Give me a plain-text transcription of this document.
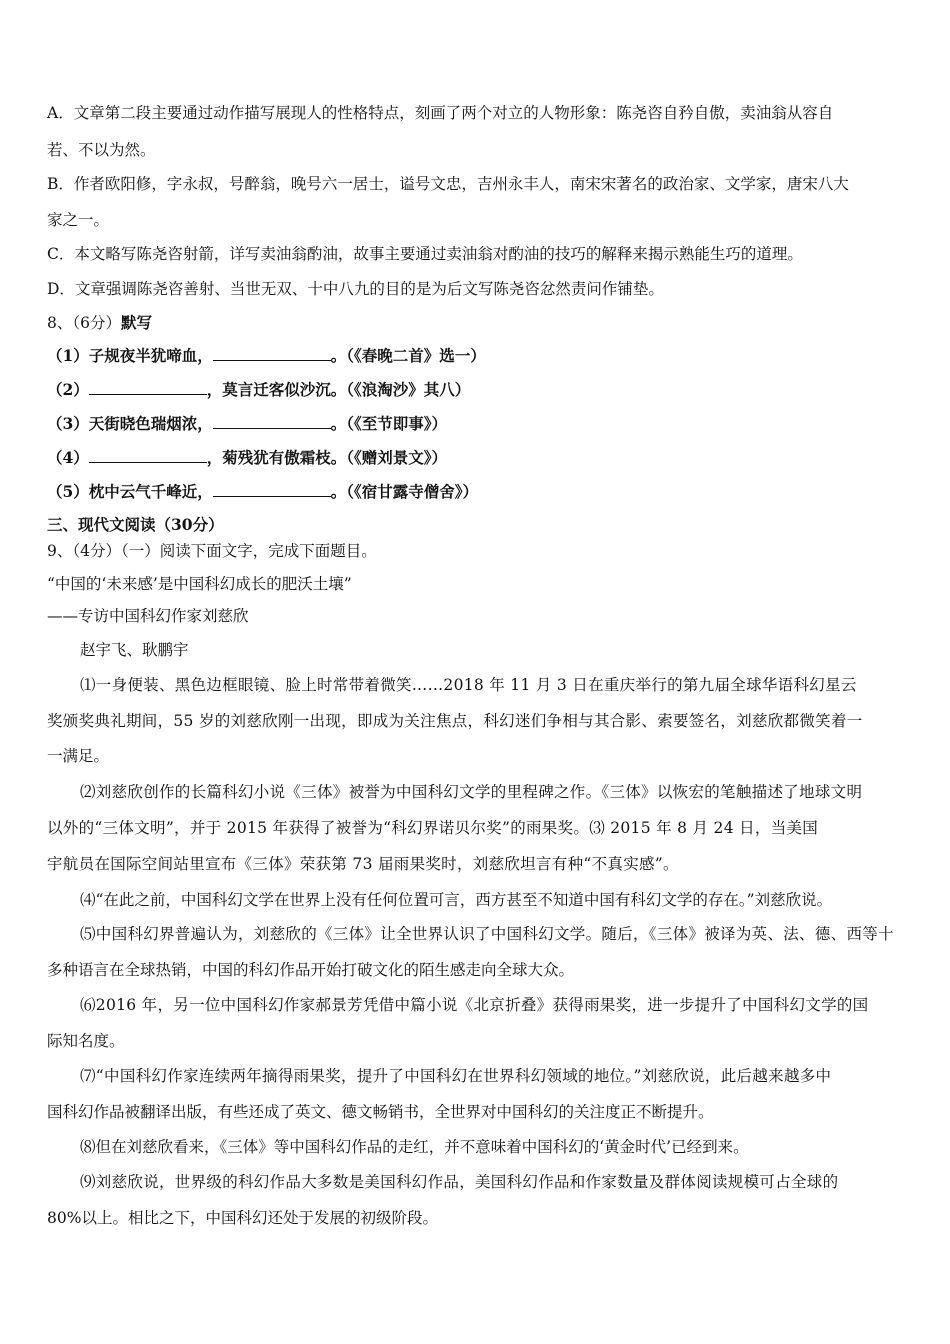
A．文章第二段主要通过动作描写展现人的性格特点，刻画了两个对立的人物形象：陈尧咨自矜自傲，卖油翁从容自
若、不以为然。
B．作者欧阳修，字永叔，号醉翁，晚号六一居士，谥号文忠，吉州永丰人，南宋宋著名的政治家、文学家，唐宋八大
家之一。
C．本文略写陈尧咨射箭，详写卖油翁酌油，故事主要通过卖油翁对酌油的技巧的解释来揭示熟能生巧的道理。
D．文章强调陈尧咨善射、当世无双、十中八九的目的是为后文写陈尧咨忿然责问作铺垫。
8、（6分）默写
（1）子规夜半犹啼血，	。（《春晚二首》选一）
（2）	，莫言迁客似沙沉。（《浪淘沙》其八）
（3）天街晓色瑞烟浓，	。（《至节即事》）
（4）	，菊残犹有傲霜枝。（《赠刘景文》）
（5）枕中云气千峰近，	。（《宿甘露寺僧舍》）
三、现代文阅读（30分）
9、（4分）（一）阅读下面文字，完成下面题目。
“中国的‘未来感’是中国科幻成长的肥沃土壤”
——专访中国科幻作家刘慈欣
赵宇飞、耿鹏宇
⑴一身便装、黑色边框眼镜、脸上时常带着微笑……2018 年 11 月 3 日在重庆举行的第九届全球华语科幻星云
奖颁奖典礼期间，55 岁的刘慈欣刚一出现，即成为关注焦点，科幻迷们争相与其合影、索要签名，刘慈欣都微笑着一
一满足。
⑵刘慈欣创作的长篇科幻小说《三体》被誉为中国科幻文学的里程碑之作。《三体》以恢宏的笔触描述了地球文明
以外的“三体文明”，并于 2015 年获得了被誉为“科幻界诺贝尔奖”的雨果奖。⑶ 2015 年 8 月 24 日，当美国
宇航员在国际空间站里宣布《三体》荣获第 73 届雨果奖时，刘慈欣坦言有种“不真实感”。
⑷“在此之前，中国科幻文学在世界上没有任何位置可言，西方甚至不知道中国有科幻文学的存在。”刘慈欣说。
⑸中国科幻界普遍认为，刘慈欣的《三体》让全世界认识了中国科幻文学。随后，《三体》被译为英、法、德、西等十
多种语言在全球热销，中国的科幻作品开始打破文化的陌生感走向全球大众。
⑹2016 年，另一位中国科幻作家郝景芳凭借中篇小说《北京折叠》获得雨果奖，进一步提升了中国科幻文学的国
际知名度。
⑺“中国科幻作家连续两年摘得雨果奖，提升了中国科幻在世界科幻领域的地位。”刘慈欣说，此后越来越多中
国科幻作品被翻译出版，有些还成了英文、德文畅销书，全世界对中国科幻的关注度正不断提升。
⑻但在刘慈欣看来，《三体》等中国科幻作品的走红，并不意味着中国科幻的‘黄金时代’已经到来。
⑼刘慈欣说，世界级的科幻作品大多数是美国科幻作品，美国科幻作品和作家数量及群体阅读规模可占全球的
80%以上。相比之下，中国科幻还处于发展的初级阶段。
